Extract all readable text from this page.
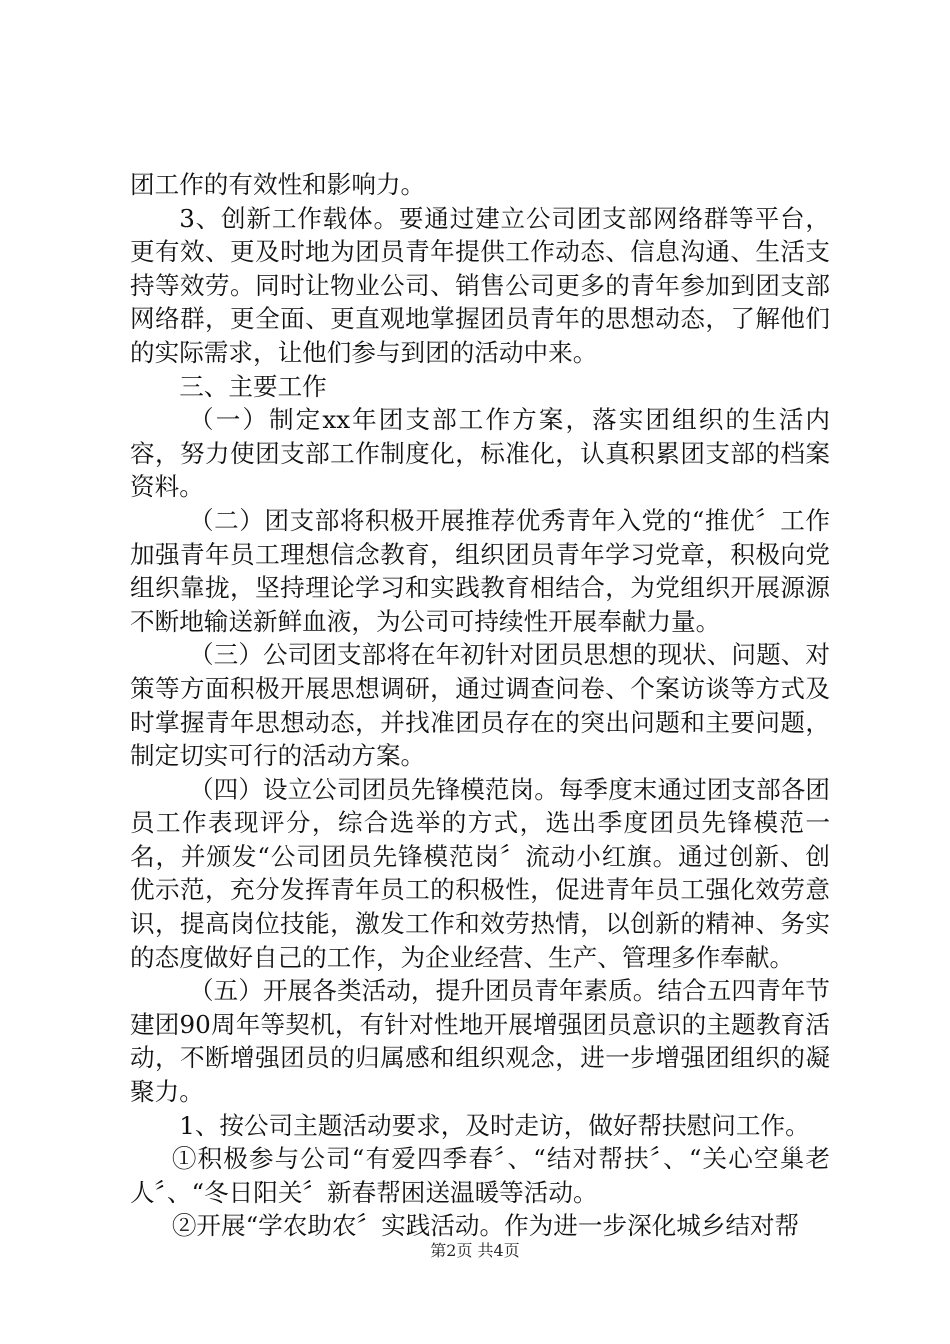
团工作的有效性和影响力。

3、创新工作载体。要通过建立公司团支部网络群等平台，更有效、更及时地为团员青年提供工作动态、信息沟通、生活支持等效劳。同时让物业公司、销售公司更多的青年参加到团支部网络群，更全面、更直观地掌握团员青年的思想动态，了解他们的实际需求，让他们参与到团的活动中来。

三、主要工作

（一）制定xx年团支部工作方案，落实团组织的生活内容，努力使团支部工作制度化，标准化，认真积累团支部的档案资料。

（二）团支部将积极开展推荐优秀青年入党的“推优〞工作加强青年员工理想信念教育，组织团员青年学习党章，积极向党组织靠拢，坚持理论学习和实践教育相结合，为党组织开展源源不断地输送新鲜血液，为公司可持续性开展奉献力量。

（三）公司团支部将在年初针对团员思想的现状、问题、对策等方面积极开展思想调研，通过调查问卷、个案访谈等方式及时掌握青年思想动态，并找准团员存在的突出问题和主要问题，制定切实可行的活动方案。

（四）设立公司团员先锋模范岗。每季度末通过团支部各团员工作表现评分，综合选举的方式，选出季度团员先锋模范一名，并颁发“公司团员先锋模范岗〞流动小红旗。通过创新、创优示范，充分发挥青年员工的积极性，促进青年员工强化效劳意识，提高岗位技能，激发工作和效劳热情，以创新的精神、务实的态度做好自己的工作，为企业经营、生产、管理多作奉献。

（五）开展各类活动，提升团员青年素质。结合五四青年节建团90周年等契机，有针对性地开展增强团员意识的主题教育活动，不断增强团员的归属感和组织观念，进一步增强团组织的凝聚力。

1、按公司主题活动要求，及时走访，做好帮扶慰问工作。

①积极参与公司“有爱四季春〞、“结对帮扶〞、“关心空巢老人〞、“冬日阳关〞新春帮困送温暖等活动。

②开展“学农助农〞实践活动。作为进一步深化城乡结对帮

第2页 共4页
